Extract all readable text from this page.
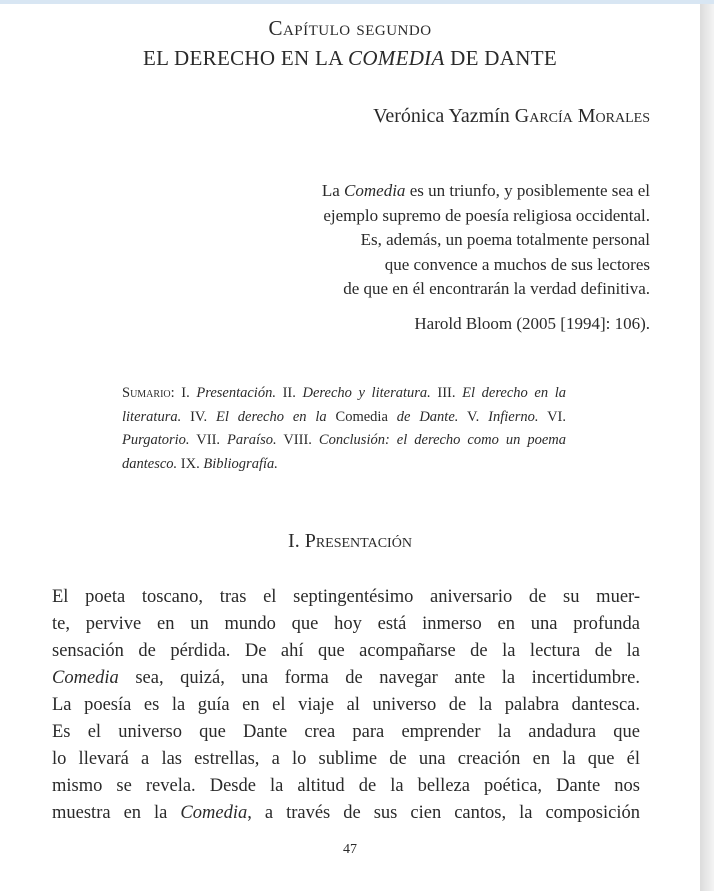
Capítulo segundo
EL DERECHO EN LA COMEDIA DE DANTE
Verónica Yazmín García Morales
La Comedia es un triunfo, y posiblemente sea el
ejemplo supremo de poesía religiosa occidental.
Es, además, un poema totalmente personal
que convence a muchos de sus lectores
de que en él encontrarán la verdad definitiva.
Harold Bloom (2005 [1994]: 106).
Sumario: I. Presentación. II. Derecho y literatura. III. El derecho en la literatura. IV. El derecho en la Comedia de Dante. V. Infierno. VI. Purgatorio. VII. Paraíso. VIII. Conclusión: el derecho como un poema dantesco. IX. Bibliografía.
I. Presentación
El poeta toscano, tras el septingentésimo aniversario de su muer-
te, pervive en un mundo que hoy está inmerso en una profunda
sensación de pérdida. De ahí que acompañarse de la lectura de la
Comedia sea, quizá, una forma de navegar ante la incertidumbre.
La poesía es la guía en el viaje al universo de la palabra dantesca.
Es el universo que Dante crea para emprender la andadura que
lo llevará a las estrellas, a lo sublime de una creación en la que él
mismo se revela. Desde la altitud de la belleza poética, Dante nos
muestra en la Comedia, a través de sus cien cantos, la composición
47
